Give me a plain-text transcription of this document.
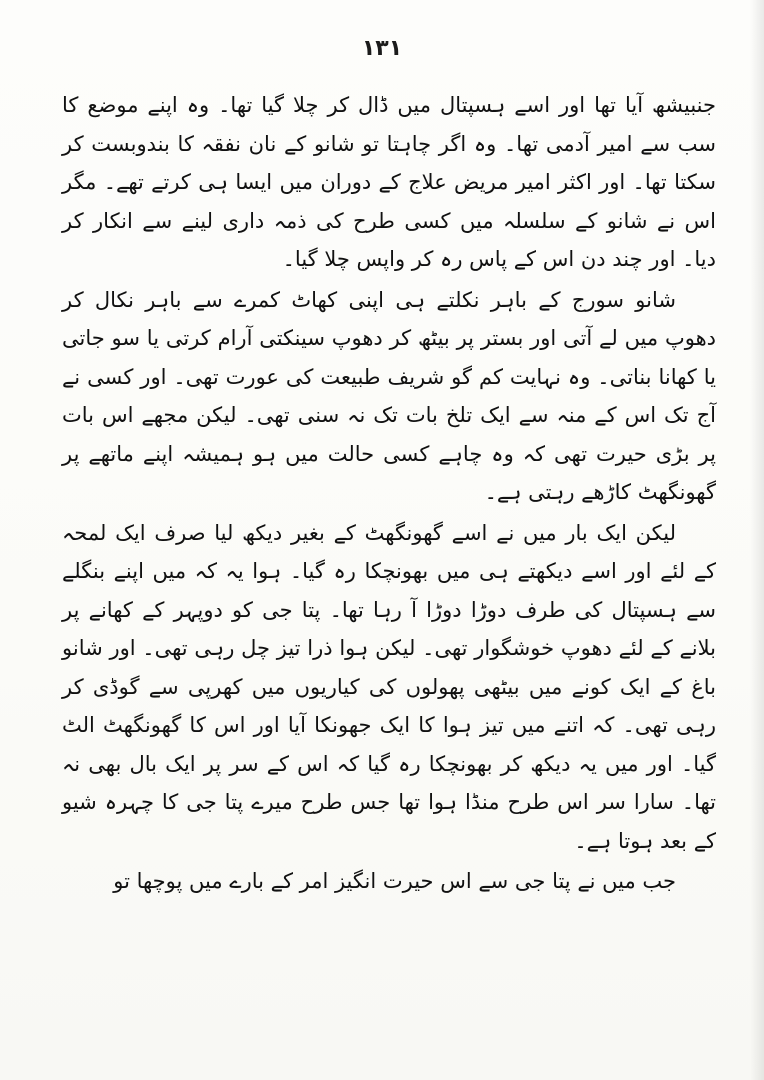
۱۳۱

جنبیشھ آیا تھا اور اسے ہسپتال میں ڈال کر چلا گیا تھا۔ وہ اپنے موضع کا سب سے امیر آدمی تھا۔ وہ اگر چاہتا تو شانو کے نان نفقہ کا بندوبست کر سکتا تھا۔ اور اکثر امیر مریض علاج کے دوران میں ایسا ہی کرتے تھے۔ مگر اس نے شانو کے سلسلہ میں کسی طرح کی ذمہ داری لینے سے انکار کر دیا۔ اور چند دن اس کے پاس رہ کر واپس چلا گیا۔

شانو سورج کے باہر نکلتے ہی اپنی کھاٹ کمرے سے باہر نکال کر دھوپ میں لے آتی اور بستر پر بیٹھ کر دھوپ سینکتی آرام کرتی یا سو جاتی یا کھانا بناتی۔ وہ نہایت کم گو شریف طبیعت کی عورت تھی۔ اور کسی نے آج تک اس کے منہ سے ایک تلخ بات تک نہ سنی تھی۔ لیکن مجھے اس بات پر بڑی حیرت تھی کہ وہ چاہے کسی حالت میں ہو ہمیشہ اپنے ماتھے پر گھونگھٹ کاڑھے رہتی ہے۔

لیکن ایک بار میں نے اسے گھونگھٹ کے بغیر دیکھ لیا صرف ایک لمحہ کے لئے اور اسے دیکھتے ہی میں بھونچکا رہ گیا۔ ہوا یہ کہ میں اپنے بنگلے سے ہسپتال کی طرف دوڑا دوڑا آ رہا تھا۔ پتا جی کو دوپہر کے کھانے پر بلانے کے لئے دھوپ خوشگوار تھی۔ لیکن ہوا ذرا تیز چل رہی تھی۔ اور شانو باغ کے ایک کونے میں بیٹھی پھولوں کی کیاریوں میں کھرپی سے گوڈی کر رہی تھی۔ کہ اتنے میں تیز ہوا کا ایک جھونکا آیا اور اس کا گھونگھٹ الٹ گیا۔ اور میں یہ دیکھ کر بھونچکا رہ گیا کہ اس کے سر پر ایک بال بھی نہ تھا۔ سارا سر اس طرح منڈا ہوا تھا جس طرح میرے پتا جی کا چہرہ شیو کے بعد ہوتا ہے۔

جب میں نے پتا جی سے اس حیرت انگیز امر کے بارے میں پوچھا تو
